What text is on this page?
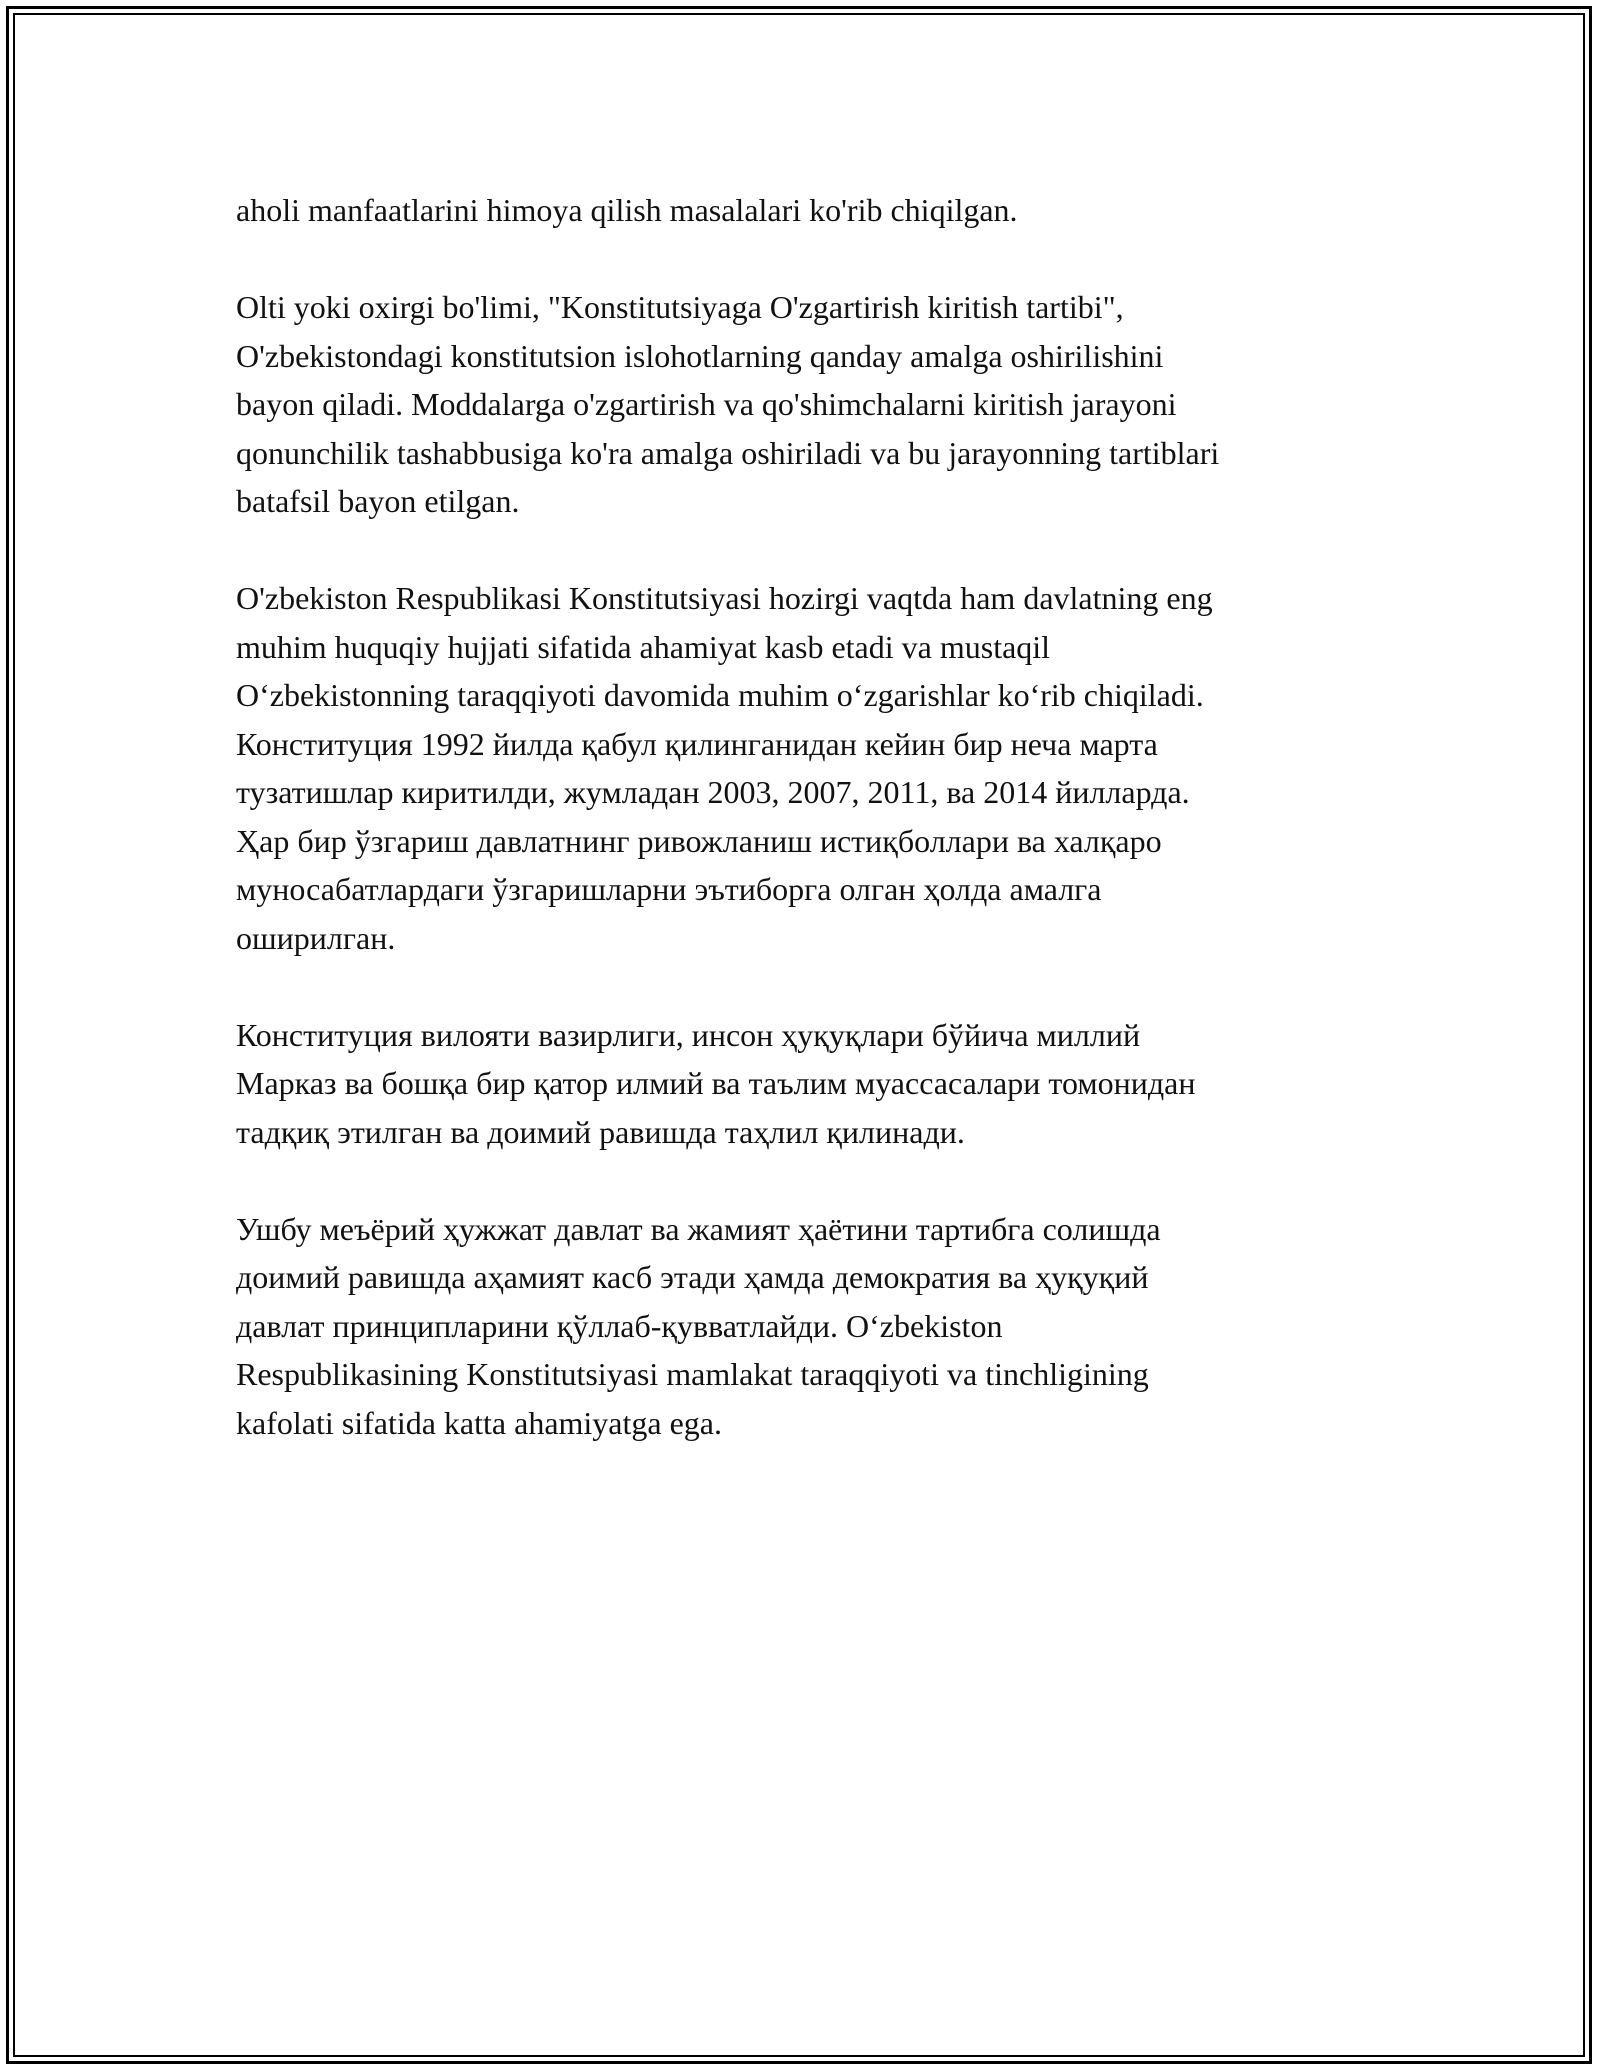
aholi manfaatlarini himoya qilish masalalari ko'rib chiqilgan.

Olti yoki oxirgi bo'limi, "Konstitutsiyaga O'zgartirish kiritish tartibi",
O'zbekistondagi konstitutsion islohotlarning qanday amalga oshirilishini
bayon qiladi. Moddalarga o'zgartirish va qo'shimchalarni kiritish jarayoni
qonunchilik tashabbusiga ko'ra amalga oshiriladi va bu jarayonning tartiblari
batafsil bayon etilgan.

O'zbekiston Respublikasi Konstitutsiyasi hozirgi vaqtda ham davlatning eng
muhim huquqiy hujjati sifatida ahamiyat kasb etadi va mustaqil
O‘zbekistonning taraqqiyoti davomida muhim o‘zgarishlar ko‘rib chiqiladi.
Конституция 1992 йилда қабул қилинганидан кейин бир неча марта
тузатишлар киритилди, жумладан 2003, 2007, 2011, ва 2014 йилларда.
Ҳар бир ўзгариш давлатнинг ривожланиш истиқболлари ва халқаро
муносабатлардаги ўзгаришларни эътиборга олган ҳолда амалга
оширилган.

Конституция вилояти вазирлиги, инсон ҳуқуқлари бўйича миллий
Марказ ва бошқа бир қатор илмий ва таълим муассасалари томонидан
тадқиқ этилган ва доимий равишда таҳлил қилинади.

Ушбу меъёрий ҳужжат давлат ва жамият ҳаётини тартибга солишда
доимий равишда аҳамият касб этади ҳамда демократия ва ҳуқуқий
давлат принципларини қўллаб-қувватлайди. O‘zbekiston
Respublikasining Konstitutsiyasi mamlakat taraqqiyoti va tinchligining
kafolati sifatida katta ahamiyatga ega.
